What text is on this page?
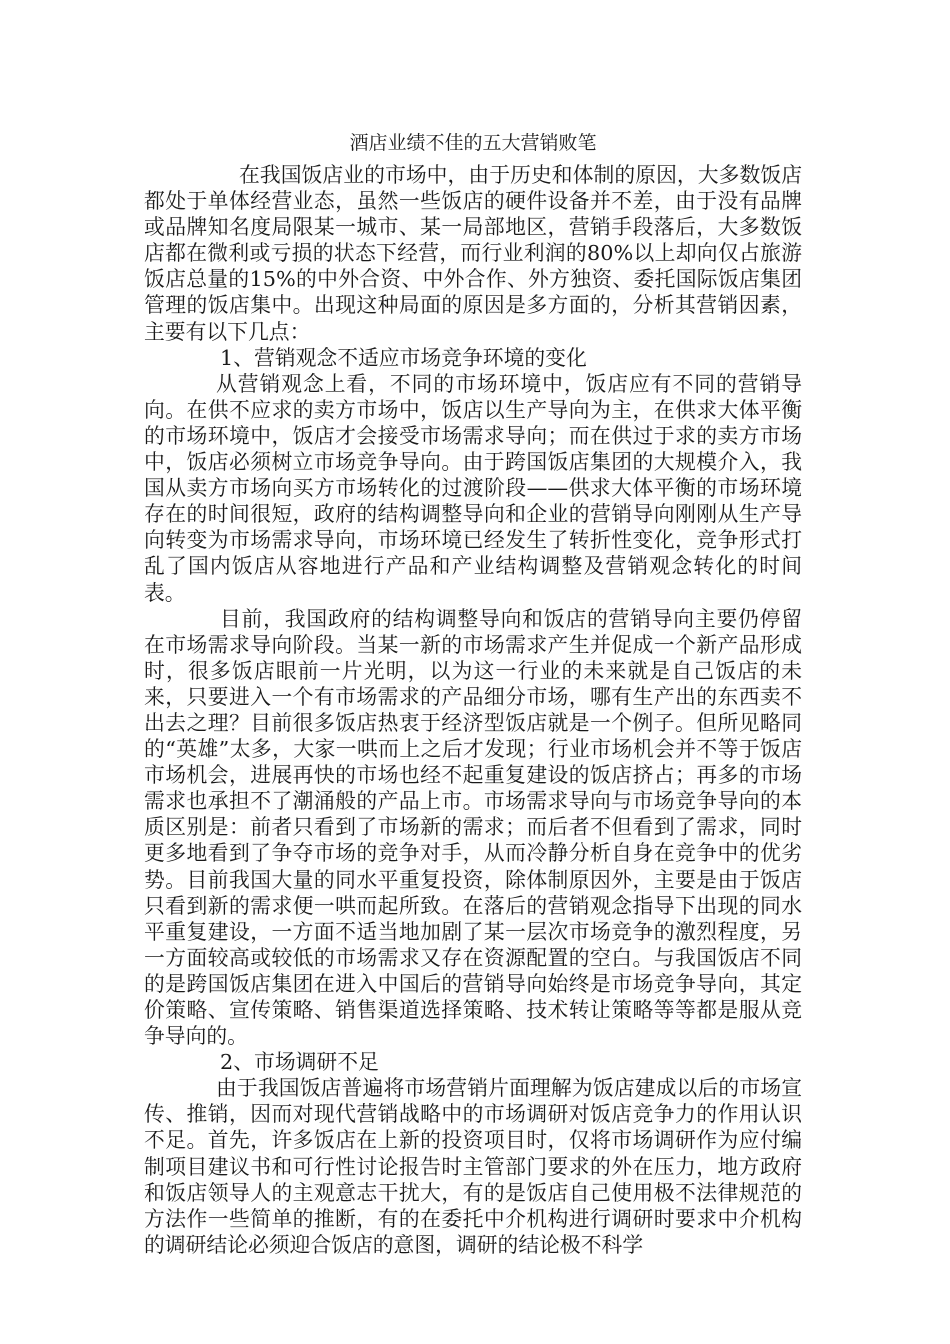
酒店业绩不佳的五大营销败笔

在我国饭店业的市场中，由于历史和体制的原因，大多数饭店都处于单体经营业态，虽然一些饭店的硬件设备并不差，由于没有品牌或品牌知名度局限某一城市、某一局部地区，营销手段落后，大多数饭店都在微利或亏损的状态下经营，而行业利润的80%以上却向仅占旅游饭店总量的15%的中外合资、中外合作、外方独资、委托国际饭店集团管理的饭店集中。出现这种局面的原因是多方面的，分析其营销因素，主要有以下几点：

1、营销观念不适应市场竞争环境的变化

从营销观念上看，不同的市场环境中，饭店应有不同的营销导向。在供不应求的卖方市场中，饭店以生产导向为主，在供求大体平衡的市场环境中，饭店才会接受市场需求导向；而在供过于求的卖方市场中，饭店必须树立市场竞争导向。由于跨国饭店集团的大规模介入，我国从卖方市场向买方市场转化的过渡阶段——供求大体平衡的市场环境存在的时间很短，政府的结构调整导向和企业的营销导向刚刚从生产导向转变为市场需求导向，市场环境已经发生了转折性变化，竞争形式打乱了国内饭店从容地进行产品和产业结构调整及营销观念转化的时间表。

目前，我国政府的结构调整导向和饭店的营销导向主要仍停留在市场需求导向阶段。当某一新的市场需求产生并促成一个新产品形成时，很多饭店眼前一片光明，以为这一行业的未来就是自己饭店的未来，只要进入一个有市场需求的产品细分市场，哪有生产出的东西卖不出去之理？目前很多饭店热衷于经济型饭店就是一个例子。但所见略同的“英雄”太多，大家一哄而上之后才发现；行业市场机会并不等于饭店市场机会，进展再快的市场也经不起重复建设的饭店挤占；再多的市场需求也承担不了潮涌般的产品上市。市场需求导向与市场竞争导向的本质区别是：前者只看到了市场新的需求；而后者不但看到了需求，同时更多地看到了争夺市场的竞争对手，从而冷静分析自身在竞争中的优劣势。目前我国大量的同水平重复投资，除体制原因外，主要是由于饭店只看到新的需求便一哄而起所致。在落后的营销观念指导下出现的同水平重复建设，一方面不适当地加剧了某一层次市场竞争的激烈程度，另一方面较高或较低的市场需求又存在资源配置的空白。与我国饭店不同的是跨国饭店集团在进入中国后的营销导向始终是市场竞争导向，其定价策略、宣传策略、销售渠道选择策略、技术转让策略等等都是服从竞争导向的。

2、市场调研不足

由于我国饭店普遍将市场营销片面理解为饭店建成以后的市场宣传、推销，因而对现代营销战略中的市场调研对饭店竞争力的作用认识不足。首先，许多饭店在上新的投资项目时，仅将市场调研作为应付编制项目建议书和可行性讨论报告时主管部门要求的外在压力，地方政府和饭店领导人的主观意志干扰大，有的是饭店自己使用极不法律规范的方法作一些简单的推断，有的在委托中介机构进行调研时要求中介机构的调研结论必须迎合饭店的意图，调研的结论极不科学
